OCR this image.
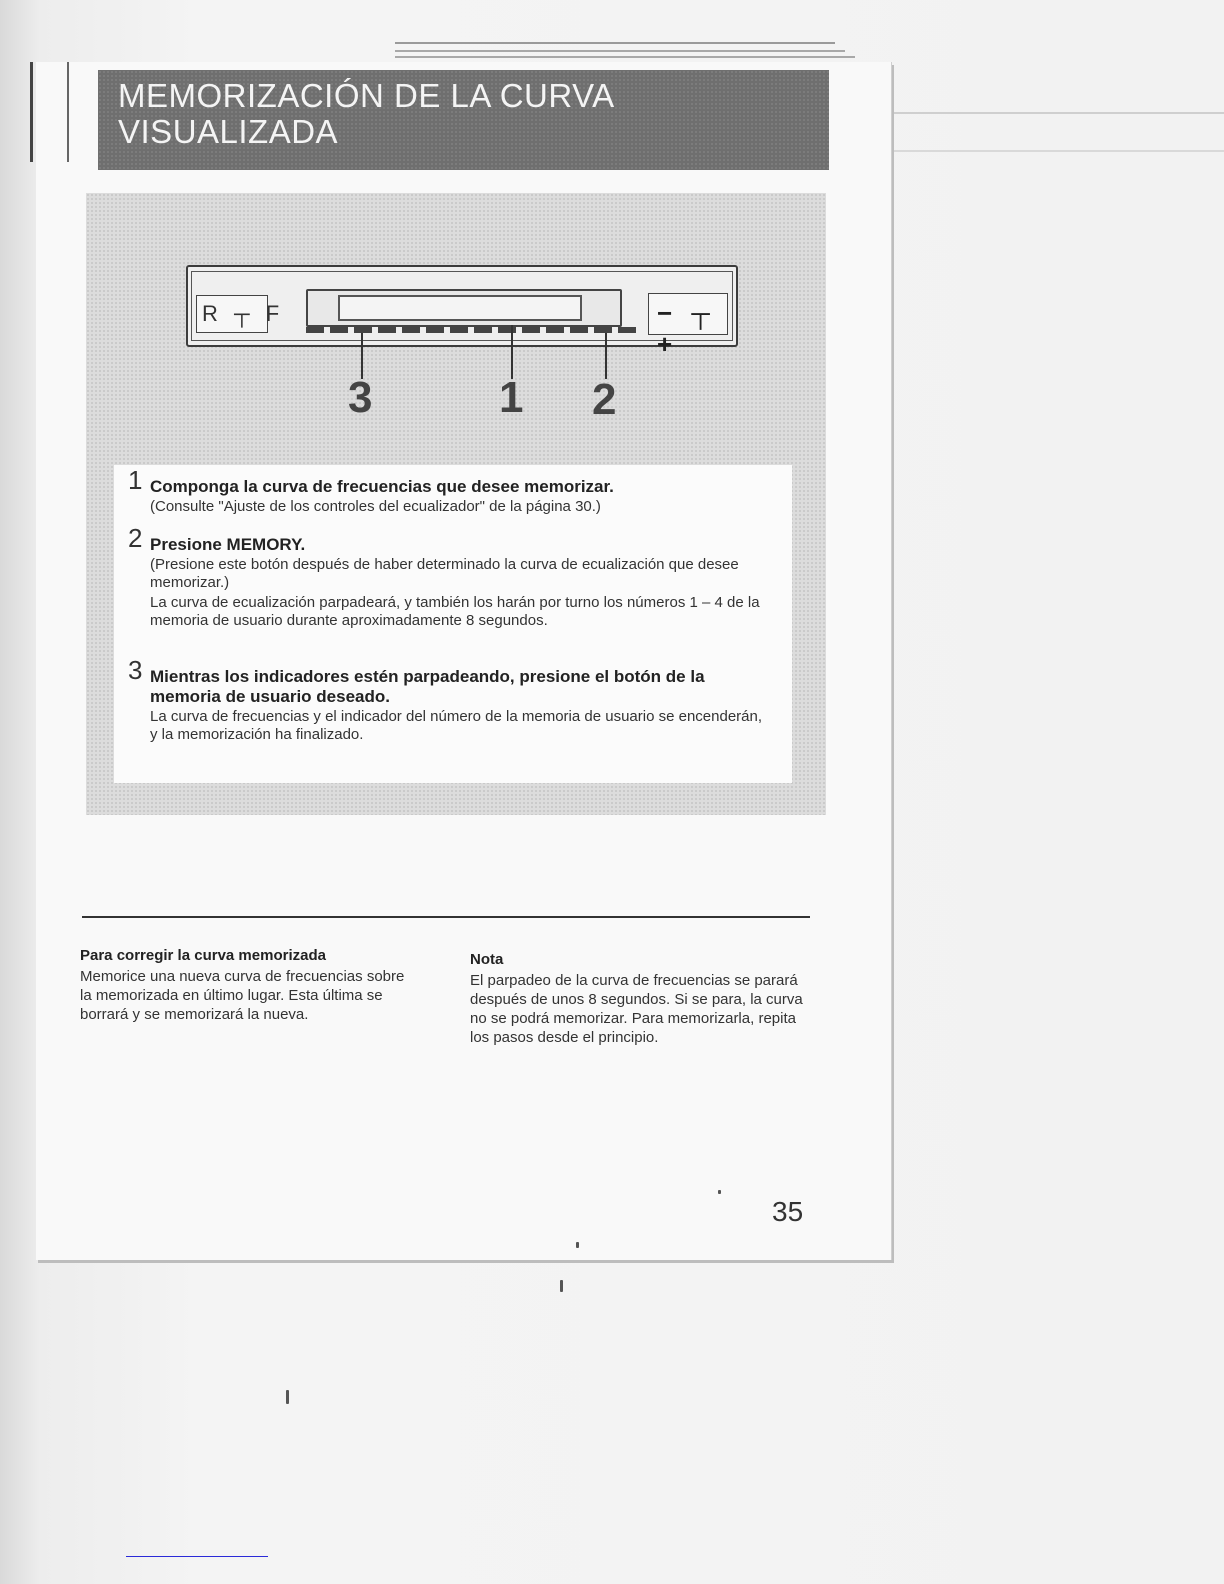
MEMORIZACIÓN DE LA CURVA
VISUALIZADA
R ┬ F	− ┬ +
3	1 2
1 Componga la curva de frecuencias que desee memorizar.

(Consulte "Ajuste de los controles del ecualizador" de la página 30.)

2 Presione MEMORY.

(Presione este botón después de haber determinado la curva de ecualización que desee memorizar.)

La curva de ecualización parpadeará, y también los harán por turno los números 1 – 4 de la memoria de usuario durante aproximadamente 8 segundos.

3 Mientras los indicadores estén parpadeando, presione el botón de la memoria de usuario deseado.

La curva de frecuencias y el indicador del número de la memoria de usuario se encenderán, y la memorización ha finalizado.

Para corregir la curva memorizada

Memorice una nueva curva de frecuencias sobre la memorizada en último lugar. Esta última se borrará y se memorizará la nueva.

Nota

El parpadeo de la curva de frecuencias se parará después de unos 8 segundos. Si se para, la curva no se podrá memorizar. Para memorizarla, repita los pasos desde el principio.

35
